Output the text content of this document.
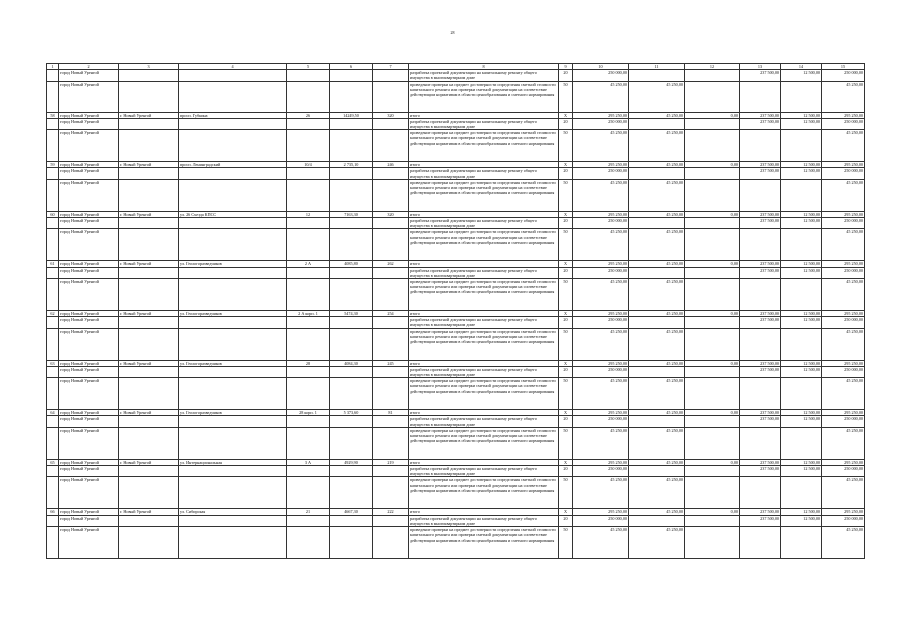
28
1	2	3	4	5	6	7	8	9	10	11	12	13	14	15
	город Новый Уренгой						разработка проектной документации на капитальному ремонту общего имущества в многоквартирном доме	20	250 000,00			237 500,00	12 500,00	250 000,00
	город Новый Уренгой						проведение проверки на предмет достоверности определения сметной стоимости капитального ремонта или проверки сметной документации на соответствие действующим нормативам в области ценообразования и сметного нормирования	50	45 250,00	45 250,00				45 250,00
58	город Новый Уренгой	г. Новый Уренгой	просп. Губкина	26	14249,50	320	итого	X	295 250,00	45 250,00	0,00	237 500,00	12 500,00	295 250,00
	город Новый Уренгой						разработка проектной документации на капитальному ремонту общего имущества в многоквартирном доме	20	250 000,00			237 500,00	12 500,00	250 000,00
	город Новый Уренгой						проведение проверки на предмет достоверности определения сметной стоимости капитального ремонта или проверки сметной документации на соответствие действующим нормативам в области ценообразования и сметного нормирования	50	45 250,00	45 250,00				45 250,00
59	город Новый Уренгой	г. Новый Уренгой	просп. Ленинградский	10/4	2 735,10	246	итого	X	295 250,00	45 250,00	0,00	237 500,00	12 500,00	295 250,00
	город Новый Уренгой						разработка проектной документации на капитальному ремонту общего имущества в многоквартирном доме	20	250 000,00			237 500,00	12 500,00	250 000,00
	город Новый Уренгой						проведение проверки на предмет достоверности определения сметной стоимости капитального ремонта или проверки сметной документации на соответствие действующим нормативам в области ценообразования и сметного нормирования	50	45 250,00	45 250,00				45 250,00
60	город Новый Уренгой	г. Новый Уренгой	ул. 26 Съезда КПСС	12	7163,30	320	итого	X	295 250,00	45 250,00	0,00	237 500,00	12 500,00	295 250,00
	город Новый Уренгой						разработка проектной документации на капитальному ремонту общего имущества в многоквартирном доме	20	250 000,00			237 500,00	12 500,00	250 000,00
	город Новый Уренгой						проведение проверки на предмет достоверности определения сметной стоимости капитального ремонта или проверки сметной документации на соответствие действующим нормативам в области ценообразования и сметного нормирования	50	45 250,00	45 250,00				45 250,00
61	город Новый Уренгой	г. Новый Уренгой	ул. Геологоразведчиков	2 А	4085,80	262	итого	X	295 250,00	45 250,00	0,00	237 500,00	12 500,00	295 250,00
	город Новый Уренгой						разработка проектной документации на капитальному ремонту общего имущества в многоквартирном доме	20	250 000,00			237 500,00	12 500,00	250 000,00
	город Новый Уренгой						проведение проверки на предмет достоверности определения сметной стоимости капитального ремонта или проверки сметной документации на соответствие действующим нормативам в области ценообразования и сметного нормирования	50	45 250,00	45 250,00				45 250,00
62	город Новый Уренгой	г. Новый Уренгой	ул. Геологоразведчиков	2 А корп. 1	5474,30	254	итого	X	295 250,00	45 250,00	0,00	237 500,00	12 500,00	295 250,00
	город Новый Уренгой						разработка проектной документации на капитальному ремонту общего имущества в многоквартирном доме	20	250 000,00			237 500,00	12 500,00	250 000,00
	город Новый Уренгой						проведение проверки на предмет достоверности определения сметной стоимости капитального ремонта или проверки сметной документации на соответствие действующим нормативам в области ценообразования и сметного нормирования	50	45 250,00	45 250,00				45 250,00
63	город Новый Уренгой	г. Новый Уренгой	ул. Геологоразведчиков	28	4084,30	245	итого	X	295 250,00	45 250,00	0,00	237 500,00	12 500,00	295 250,00
	город Новый Уренгой						разработка проектной документации на капитальному ремонту общего имущества в многоквартирном доме	20	250 000,00			237 500,00	12 500,00	250 000,00
	город Новый Уренгой						проведение проверки на предмет достоверности определения сметной стоимости капитального ремонта или проверки сметной документации на соответствие действующим нормативам в области ценообразования и сметного нормирования	50	45 250,00	45 250,00				45 250,00
64	город Новый Уренгой	г. Новый Уренгой	ул. Геологоразведчиков	28 корп. 1	5 373,60	81	итого	X	295 250,00	45 250,00	0,00	237 500,00	12 500,00	295 250,00
	город Новый Уренгой						разработка проектной документации на капитальному ремонту общего имущества в многоквартирном доме	20	250 000,00			237 500,00	12 500,00	250 000,00
	город Новый Уренгой						проведение проверки на предмет достоверности определения сметной стоимости капитального ремонта или проверки сметной документации на соответствие действующим нормативам в области ценообразования и сметного нормирования	50	45 250,00	45 250,00				45 250,00
65	город Новый Уренгой	г. Новый Уренгой	ул. Интернациональная	3 А	4929,90	219	итого	X	295 250,00	45 250,00	0,00	237 500,00	12 500,00	295 250,00
	город Новый Уренгой						разработка проектной документации на капитальному ремонту общего имущества в многоквартирном доме	20	250 000,00			237 500,00	12 500,00	250 000,00
	город Новый Уренгой						проведение проверки на предмет достоверности определения сметной стоимости капитального ремонта или проверки сметной документации на соответствие действующим нормативам в области ценообразования и сметного нормирования	50	45 250,00	45 250,00				45 250,00
66	город Новый Уренгой	г. Новый Уренгой	ул. Сибирская	21	4667,30	222	итого	X	295 250,00	45 250,00	0,00	237 500,00	12 500,00	295 250,00
	город Новый Уренгой						разработка проектной документации на капитальному ремонту общего имущества в многоквартирном доме	20	250 000,00			237 500,00	12 500,00	250 000,00
	город Новый Уренгой						проведение проверки на предмет достоверности определения сметной стоимости капитального ремонта или проверки сметной документации на соответствие действующим нормативам в области ценообразования и сметного нормирования	50	45 250,00	45 250,00				45 250,00
